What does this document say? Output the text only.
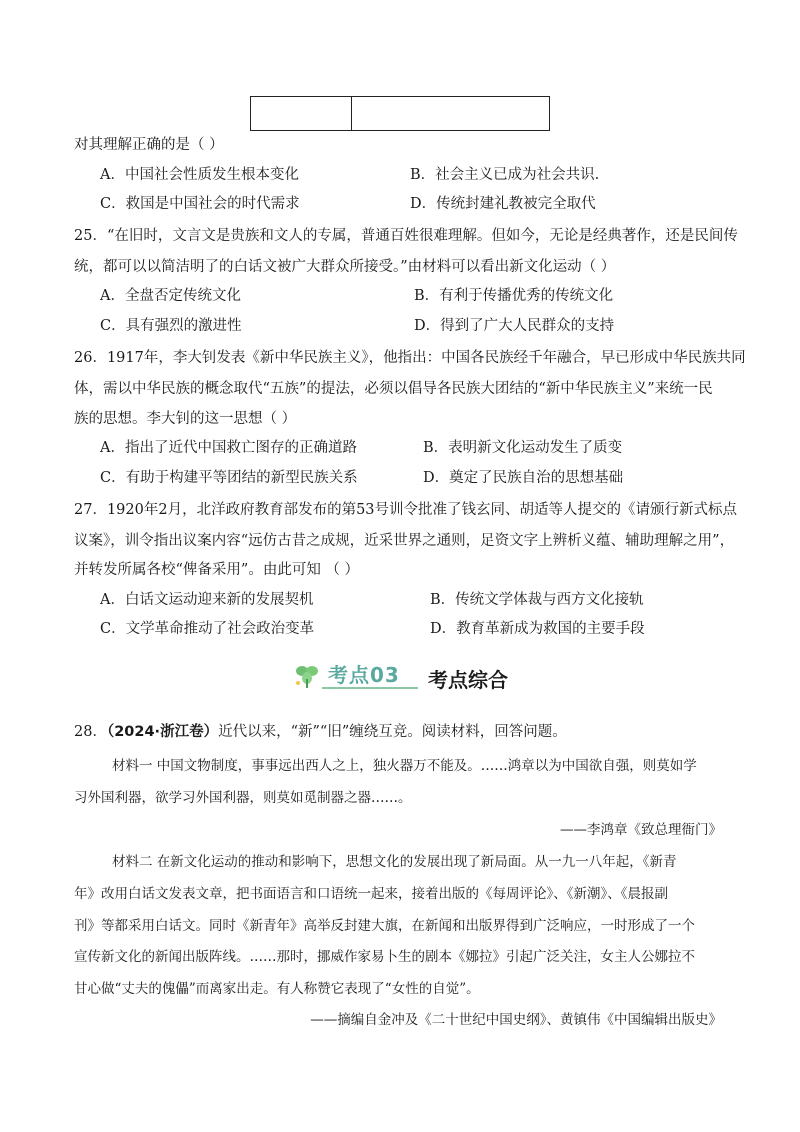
对其理解正确的是（ ）
A．中国社会性质发生根本变化	B．社会主义已成为社会共识.
C．救国是中国社会的时代需求	D．传统封建礼教被完全取代
25．“在旧时，文言文是贵族和文人的专属，普通百姓很难理解。但如今，无论是经典著作，还是民间传
统，都可以以简洁明了的白话文被广大群众所接受。”由材料可以看出新文化运动（ ）
A．全盘否定传统文化	B．有利于传播优秀的传统文化
C．具有强烈的激进性	D．得到了广大人民群众的支持
26．1917年，李大钊发表《新中华民族主义》，他指出：中国各民族经千年融合，早已形成中华民族共同
体，需以中华民族的概念取代“五族”的提法，必须以倡导各民族大团结的“新中华民族主义”来统一民
族的思想。李大钊的这一思想（ ）
A．指出了近代中国救亡图存的正确道路	B．表明新文化运动发生了质变
C．有助于构建平等团结的新型民族关系	D．奠定了民族自治的思想基础
27．1920年2月，北洋政府教育部发布的第53号训令批准了钱玄同、胡适等人提交的《请颁行新式标点
议案》，训令指出议案内容“远仿古昔之成规，近采世界之通则，足资文字上辨析义蕴、辅助理解之用”，
并转发所属各校“俾备采用”。由此可知 （ ）
A．白话文运动迎来新的发展契机	B．传统文学体裁与西方文化接轨
C．文学革命推动了社会政治变革	D．教育革新成为救国的主要手段
考点03 考点综合
28．（2024·浙江卷）近代以来，“新”“旧”缠绕互竞。阅读材料，回答问题。
材料一 中国文物制度，事事远出西人之上，独火器万不能及。……鸿章以为中国欲自强，则莫如学
习外国利器，欲学习外国利器，则莫如觅制器之器……。
——李鸿章《致总理衙门》
材料二 在新文化运动的推动和影响下，思想文化的发展出现了新局面。从一九一八年起，《新青
年》改用白话文发表文章，把书面语言和口语统一起来，接着出版的《每周评论》、《新潮》、《晨报副
刊》等都采用白话文。同时《新青年》高举反封建大旗，在新闻和出版界得到广泛响应，一时形成了一个
宣传新文化的新闻出版阵线。……那时，挪威作家易卜生的剧本《娜拉》引起广泛关注，女主人公娜拉不
甘心做“丈夫的傀儡”而离家出走。有人称赞它表现了“女性的自觉”。
——摘编自金冲及《二十世纪中国史纲》、黄镇伟《中国编辑出版史》
